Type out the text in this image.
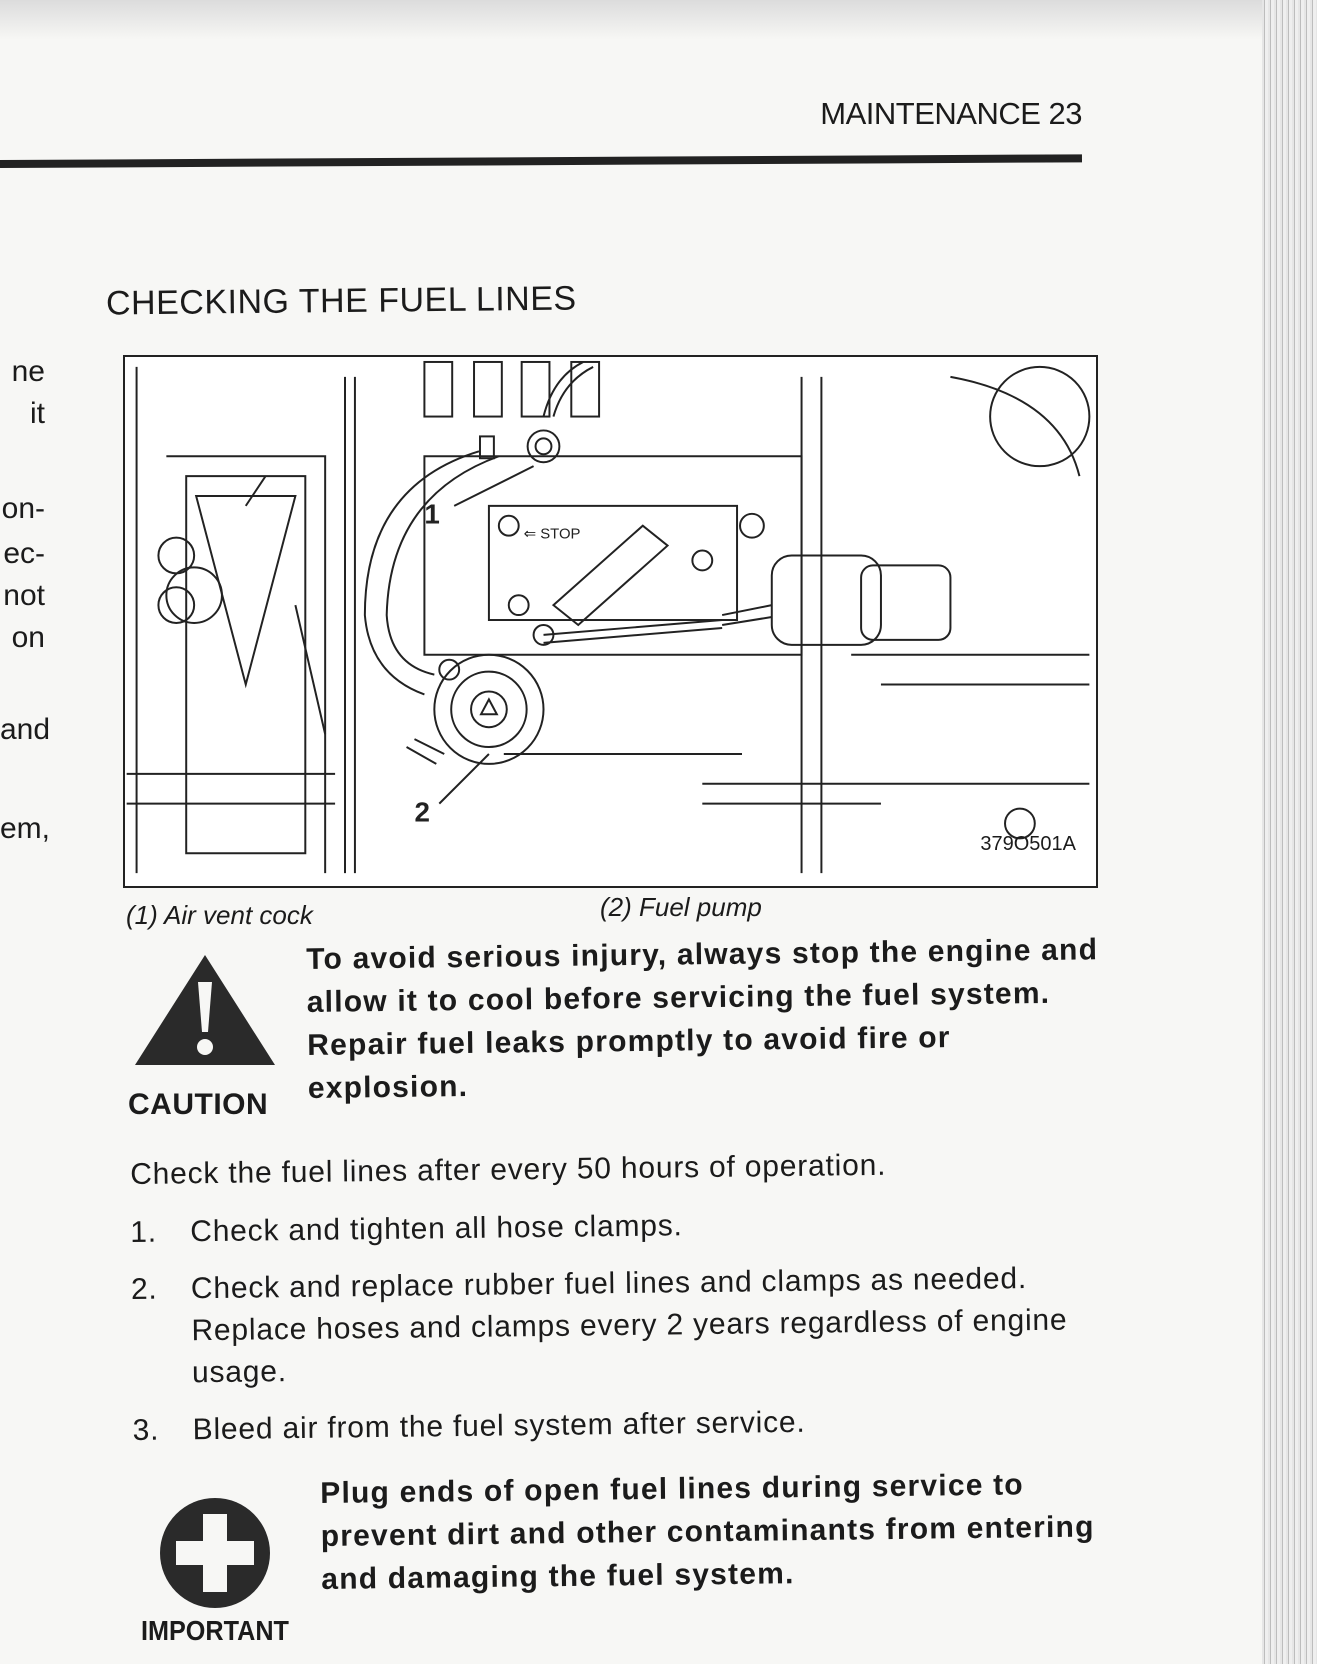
MAINTENANCE 23
ne
it
on-
ec-
not
on
and
em,
CHECKING THE FUEL LINES
⇐ STOP
1
2
379O501A
(1) Air vent cock	(2) Fuel pump
CAUTION
To avoid serious injury, always stop the engine and allow it to cool before servicing the fuel system. Repair fuel leaks promptly to avoid fire or explosion.
Check the fuel lines after every 50 hours of operation.
1.	Check and tighten all hose clamps.
2.	Check and replace rubber fuel lines and clamps as needed. Replace hoses and clamps every 2 years regardless of engine usage.
3.	Bleed air from the fuel system after service.
IMPORTANT
Plug ends of open fuel lines during service to prevent dirt and other contaminants from entering and damaging the fuel system.
